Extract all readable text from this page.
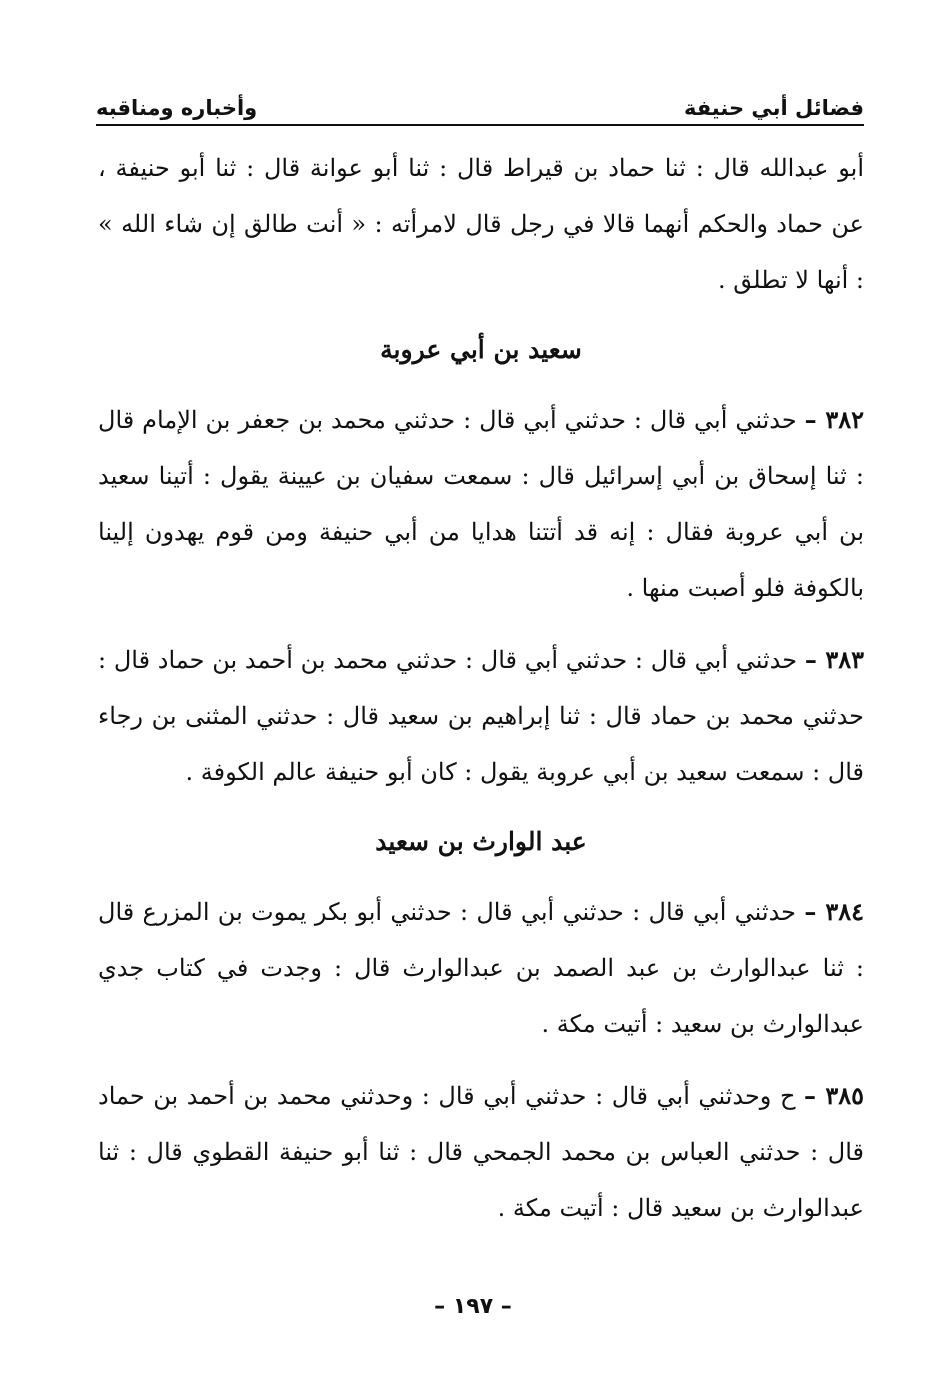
فضائل أبي حنيفة
وأخباره ومناقبه

أبو عبدالله قال : ثنا حماد بن قيراط قال : ثنا أبو عوانة قال : ثنا أبو حنيفة ، عن حماد والحكم أنهما قالا في رجل قال لامرأته : « أنت طالق إن شاء الله » : أنها لا تطلق .

سعيد بن أبي عروبة

٣٨٢ – حدثني أبي قال : حدثني أبي قال : حدثني محمد بن جعفر بن الإمام قال : ثنا إسحاق بن أبي إسرائيل قال : سمعت سفيان بن عيينة يقول : أتينا سعيد بن أبي عروبة فقال : إنه قد أتتنا هدايا من أبي حنيفة ومن قوم يهدون إلينا بالكوفة فلو أصبت منها .

٣٨٣ – حدثني أبي قال : حدثني أبي قال : حدثني محمد بن أحمد بن حماد قال : حدثني محمد بن حماد قال : ثنا إبراهيم بن سعيد قال : حدثني المثنى بن رجاء قال : سمعت سعيد بن أبي عروبة يقول : كان أبو حنيفة عالم الكوفة .

عبد الوارث بن سعيد

٣٨٤ – حدثني أبي قال : حدثني أبي قال : حدثني أبو بكر يموت بن المزرع قال : ثنا عبدالوارث بن عبد الصمد بن عبدالوارث قال : وجدت في كتاب جدي عبدالوارث بن سعيد : أتيت مكة .

٣٨٥ – ح وحدثني أبي قال : حدثني أبي قال : وحدثني محمد بن أحمد بن حماد قال : حدثني العباس بن محمد الجمحي قال : ثنا أبو حنيفة القطوي قال : ثنا عبدالوارث بن سعيد قال : أتيت مكة .

– ١٩٧ –
